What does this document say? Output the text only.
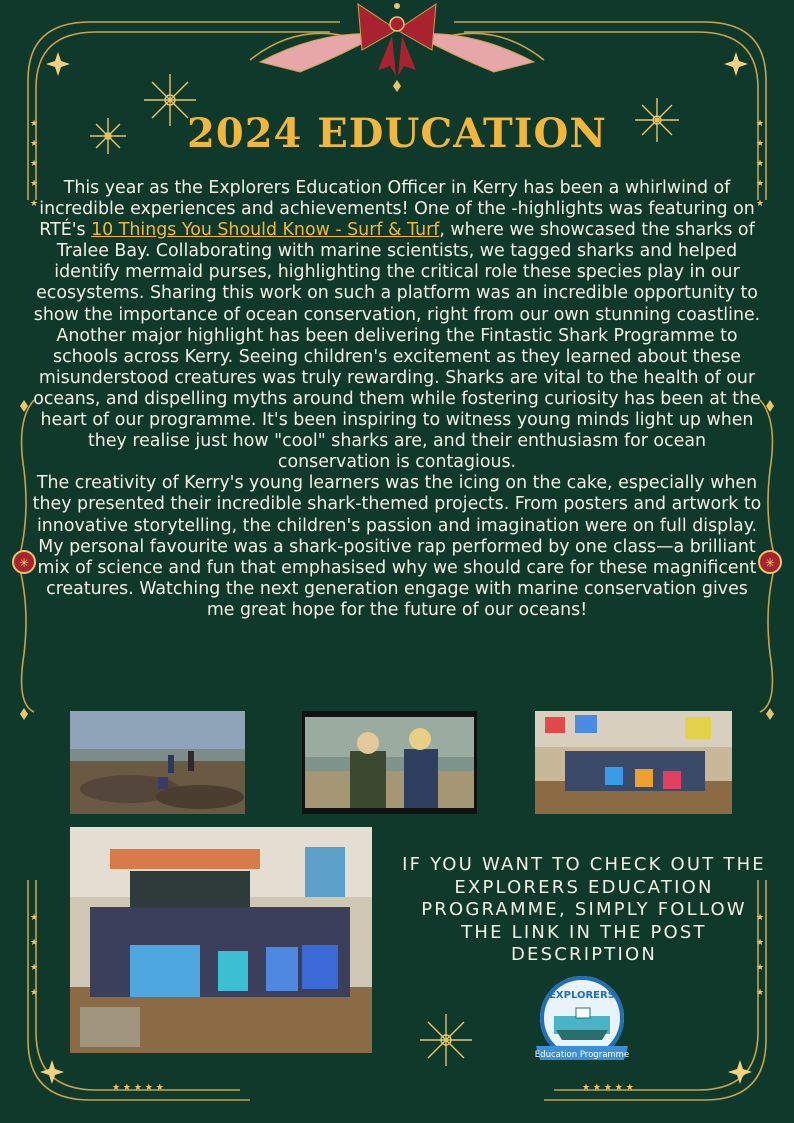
★
★
★
★
★
★
★
★
★
★
★
★
★
★
★
★
★
★
★ ★ ★ ★ ★	★ ★ ★ ★ ★
✳	✳
2024 EDUCATION

This year as the Explorers Education Officer in Kerry has been a whirlwind of incredible experiences and achievements! One of the -highlights was featuring on RTÉ's 10 Things You Should Know - Surf & Turf, where we showcased the sharks of Tralee Bay. Collaborating with marine scientists, we tagged sharks and helped identify mermaid purses, highlighting the critical role these species play in our ecosystems. Sharing this work on such a platform was an incredible opportunity to show the importance of ocean conservation, right from our own stunning coastline.

Another major highlight has been delivering the Fintastic Shark Programme to schools across Kerry. Seeing children's excitement as they learned about these misunderstood creatures was truly rewarding. Sharks are vital to the health of our oceans, and dispelling myths around them while fostering curiosity has been at the heart of our programme. It's been inspiring to witness young minds light up when they realise just how "cool" sharks are, and their enthusiasm for ocean conservation is contagious.

The creativity of Kerry's young learners was the icing on the cake, especially when they presented their incredible shark-themed projects. From posters and artwork to innovative storytelling, the children's passion and imagination were on full display. My personal favourite was a shark-positive rap performed by one class—a brilliant mix of science and fun that emphasised why we should care for these magnificent creatures. Watching the next generation engage with marine conservation gives me great hope for the future of our oceans!

IF YOU WANT TO CHECK OUT THE EXPLORERS EDUCATION PROGRAMME, SIMPLY FOLLOW THE LINK IN THE POST DESCRIPTION

EXPLORERS
Education Programme
